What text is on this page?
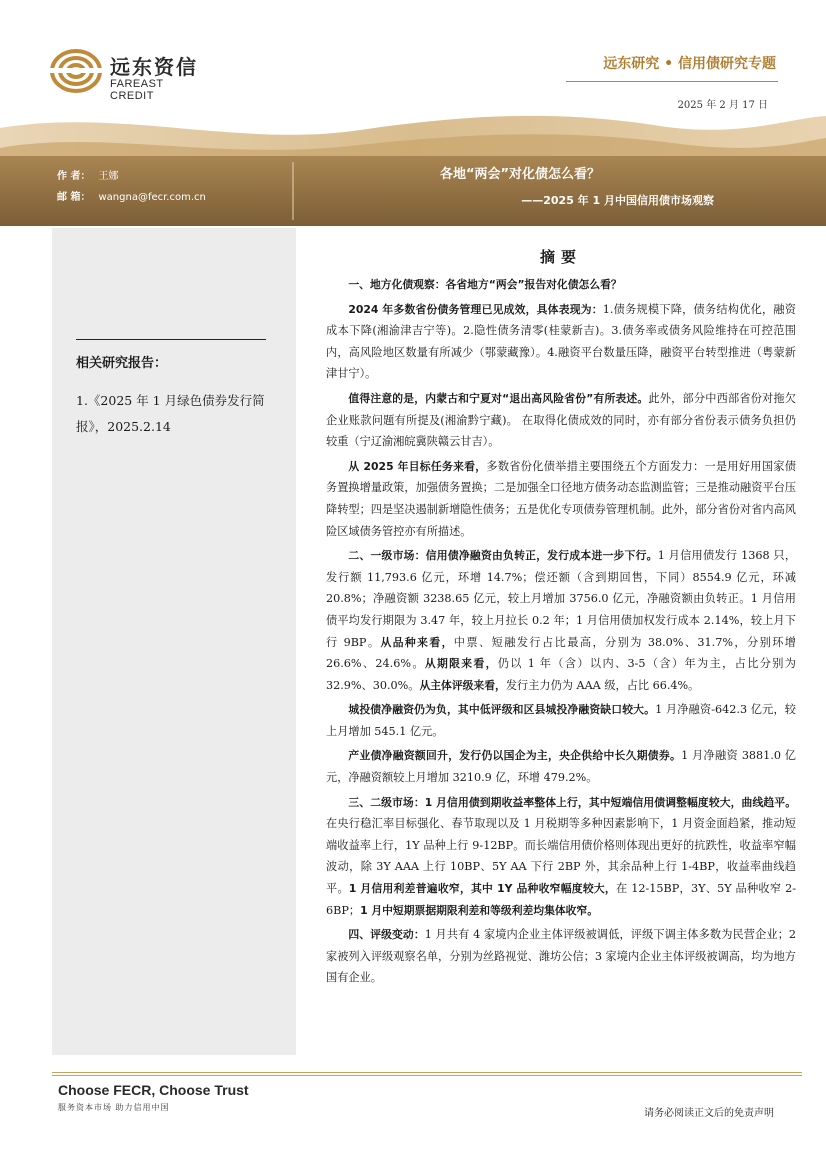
远东资信
FAREAST CREDIT
远东研究 • 信用债研究专题
2025 年 2 月 17 日
作 者： 王娜
邮 箱： wangna@fecr.com.cn
各地“两会”对化债怎么看？
——2025 年 1 月中国信用债市场观察
相关研究报告：
1.《2025 年 1 月绿色债券发行简报》，2025.2.14
摘要

一、地方化债观察：各省地方“两会”报告对化债怎么看？

2024 年多数省份债务管理已见成效，具体表现为：1.债务规模下降，债务结构优化，融资成本下降(湘渝津吉宁等)。2.隐性债务清零(桂蒙新吉)。3.债务率或债务风险维持在可控范围内，高风险地区数量有所减少（鄂蒙藏豫）。4.融资平台数量压降，融资平台转型推进（粤蒙新津甘宁）。

值得注意的是，内蒙古和宁夏对“退出高风险省份”有所表述。此外，部分中西部省份对拖欠企业账款问题有所提及(湘渝黔宁藏)。 在取得化债成效的同时，亦有部分省份表示债务负担仍较重（宁辽渝湘皖冀陕赣云甘吉）。

从 2025 年目标任务来看，多数省份化债举措主要围绕五个方面发力：一是用好用国家债务置换增量政策，加强债务置换；二是加强全口径地方债务动态监测监管；三是推动融资平台压降转型；四是坚决遏制新增隐性债务；五是优化专项债券管理机制。此外，部分省份对省内高风险区域债务管控亦有所描述。

二、一级市场：信用债净融资由负转正，发行成本进一步下行。1 月信用债发行 1368 只，发行额 11,793.6 亿元，环增 14.7%；偿还额（含到期回售，下同）8554.9 亿元，环减 20.8%；净融资额 3238.65 亿元，较上月增加 3756.0 亿元，净融资额由负转正。1 月信用债平均发行期限为 3.47 年，较上月拉长 0.2 年；1 月信用债加权发行成本 2.14%，较上月下行 9BP。从品种来看，中票、短融发行占比最高，分别为 38.0%、31.7%，分别环增 26.6%、24.6%。从期限来看，仍以 1 年（含）以内、3-5（含）年为主，占比分别为 32.9%、30.0%。从主体评级来看，发行主力仍为 AAA 级，占比 66.4%。

城投债净融资仍为负，其中低评级和区县城投净融资缺口较大。1 月净融资-642.3 亿元，较上月增加 545.1 亿元。

产业债净融资额回升，发行仍以国企为主，央企供给中长久期债券。1 月净融资 3881.0 亿元，净融资额较上月增加 3210.9 亿，环增 479.2%。

三、二级市场：1 月信用债到期收益率整体上行，其中短端信用债调整幅度较大，曲线趋平。在央行稳汇率目标强化、春节取现以及 1 月税期等多种因素影响下，1 月资金面趋紧，推动短端收益率上行，1Y 品种上行 9-12BP。而长端信用债价格则体现出更好的抗跌性，收益率窄幅波动，除 3Y AAA 上行 10BP、5Y AA 下行 2BP 外，其余品种上行 1-4BP，收益率曲线趋平。1 月信用利差普遍收窄，其中 1Y 品种收窄幅度较大，在 12-15BP，3Y、5Y 品种收窄 2-6BP；1 月中短期票据期限利差和等级利差均集体收窄。

四、评级变动：1 月共有 4 家境内企业主体评级被调低，评级下调主体多数为民营企业；2 家被列入评级观察名单，分别为丝路视觉、潍坊公信；3 家境内企业主体评级被调高，均为地方国有企业。

Choose FECR, Choose Trust
服务资本市场 助力信用中国
请务必阅读正文后的免责声明
